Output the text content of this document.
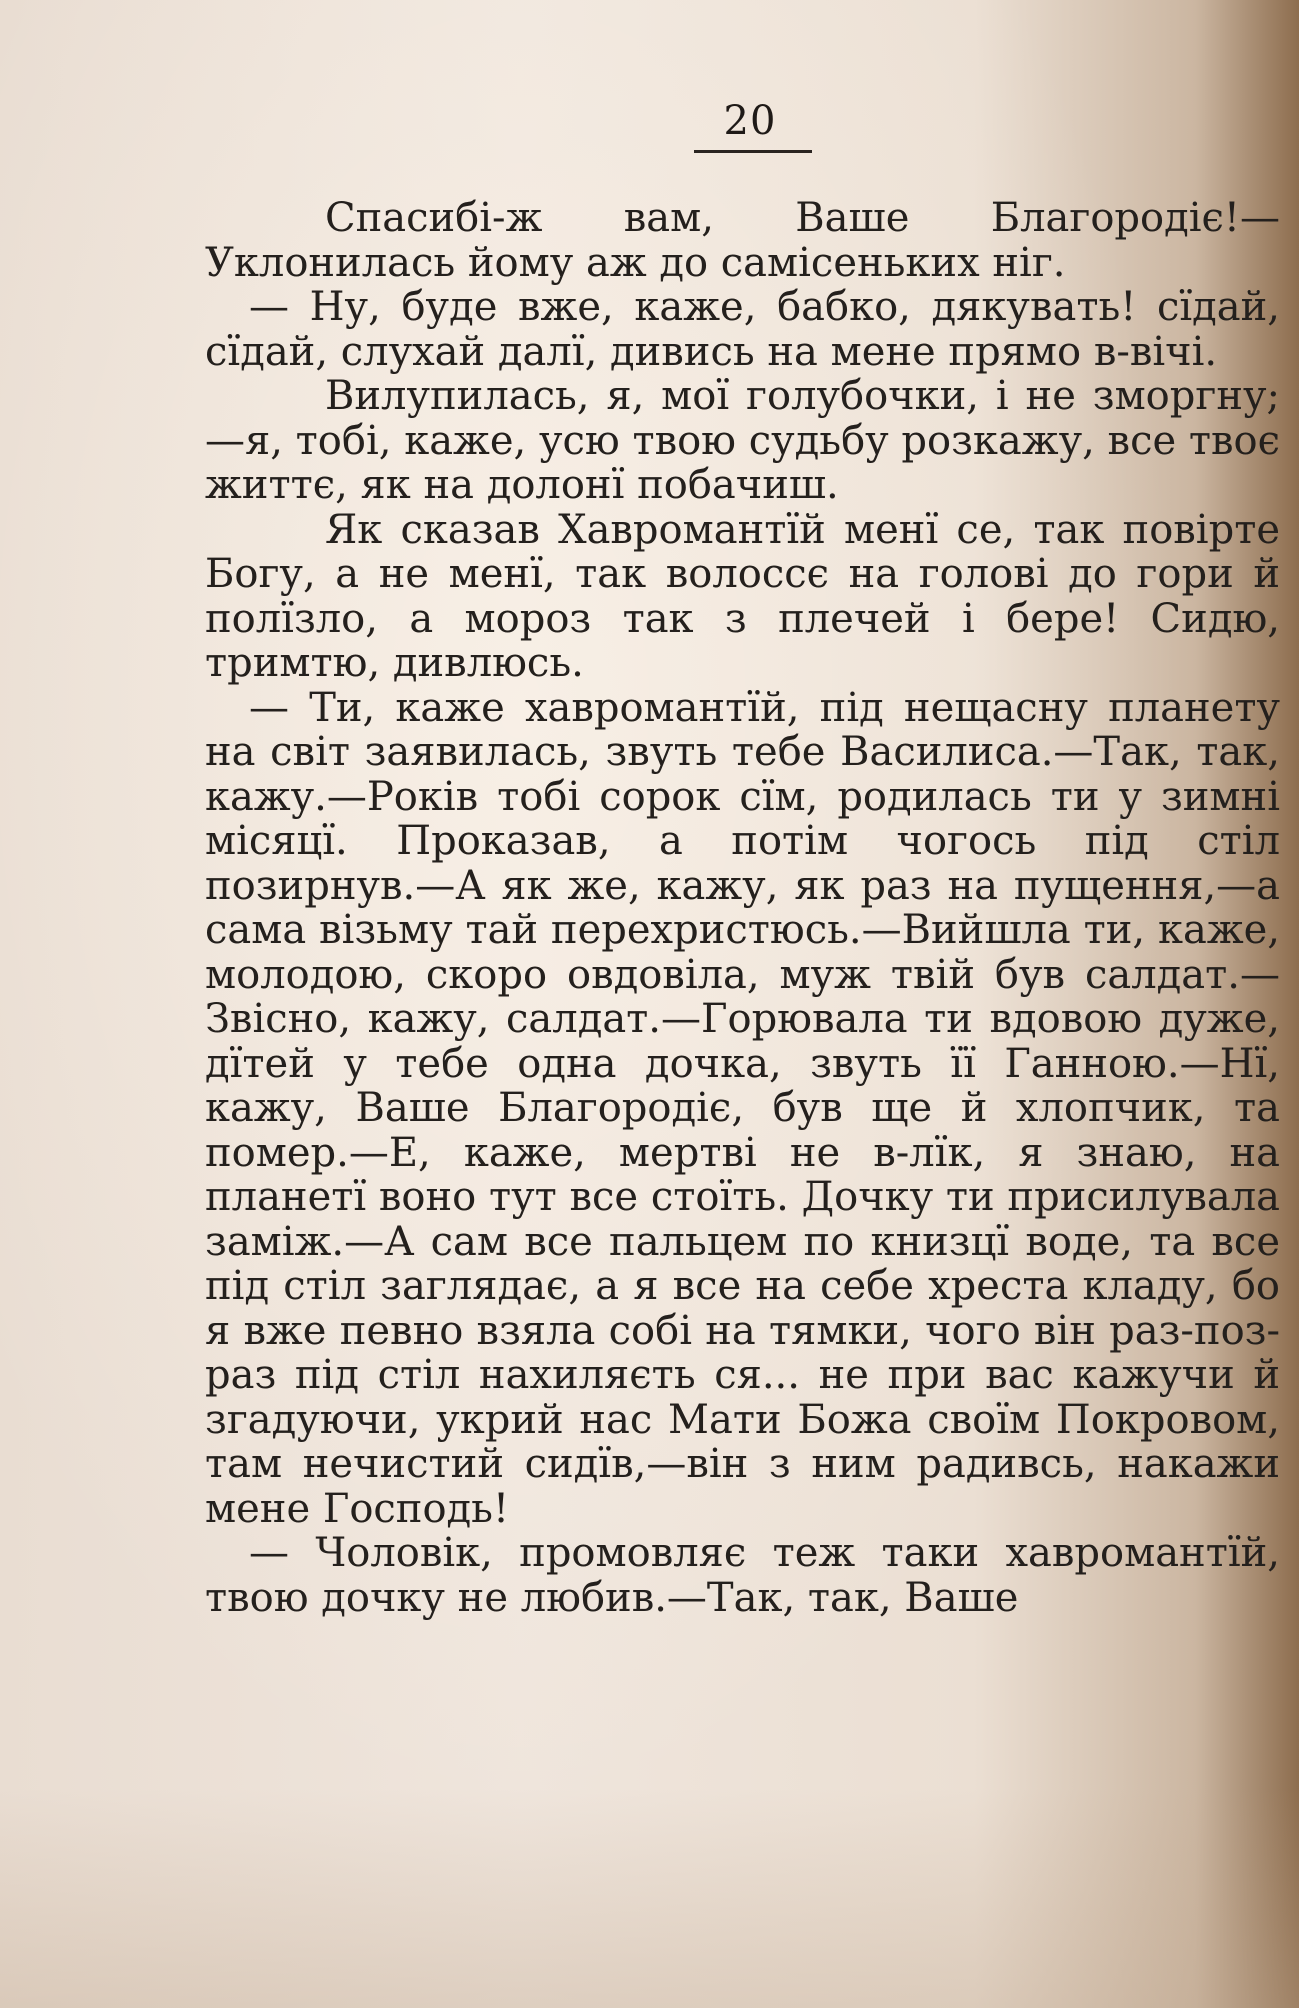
20

Спасибі-ж вам, Ваше Благородіє!—Уклонилась йому аж до самісеньких ніг.

— Ну, буде вже, каже, бабко, дякувать! сїдай, сїдай, слухай далї, дивись на мене прямо в-вічі.

Вилупилась, я, мої голубочки, і не зморгну;—я, тобі, каже, усю твою судьбу розкажу, все твоє життє, як на долонї побачиш.

Як сказав Хавромантїй менї се, так повірте Богу, а не менї, так волоссє на голові до гори й полїзло, а мороз так з плечей і бере! Сидю, тримтю, дивлюсь.

— Ти, каже хавромантїй, під нещасну планету на світ заявилась, звуть тебе Василиса.—Так, так, кажу.—Років тобі сорок сїм, родилась ти у зимні місяцї. Проказав, а потім чогось під стіл позирнув.—А як же, кажу, як раз на пущення,—а сама візьму тай перехристюсь.—Вийшла ти, каже, молодою, скоро овдовіла, муж твій був салдат.—Звісно, кажу, салдат.—Горювала ти вдовою дуже, дїтей у тебе одна дочка, звуть її Ганною.—Нї, кажу, Ваше Благородіє, був ще й хлопчик, та помер.—Е, каже, мертві не в-лїк, я знаю, на планетї воно тут все стоїть. Дочку ти присилувала заміж.—А сам все пальцем по книзцї воде, та все під стіл заглядає, а я все на себе хреста кладу, бо я вже певно взяла собі на тямки, чого він раз-поз-раз під стіл нахиляєть ся... не при вас кажучи й згадуючи, укрий нас Мати Божа своїм Покровом, там нечистий сидїв,—він з ним радивсь, накажи мене Господь!

— Чоловік, промовляє теж таки хавромантїй, твою дочку не любив.—Так, так, Ваше
